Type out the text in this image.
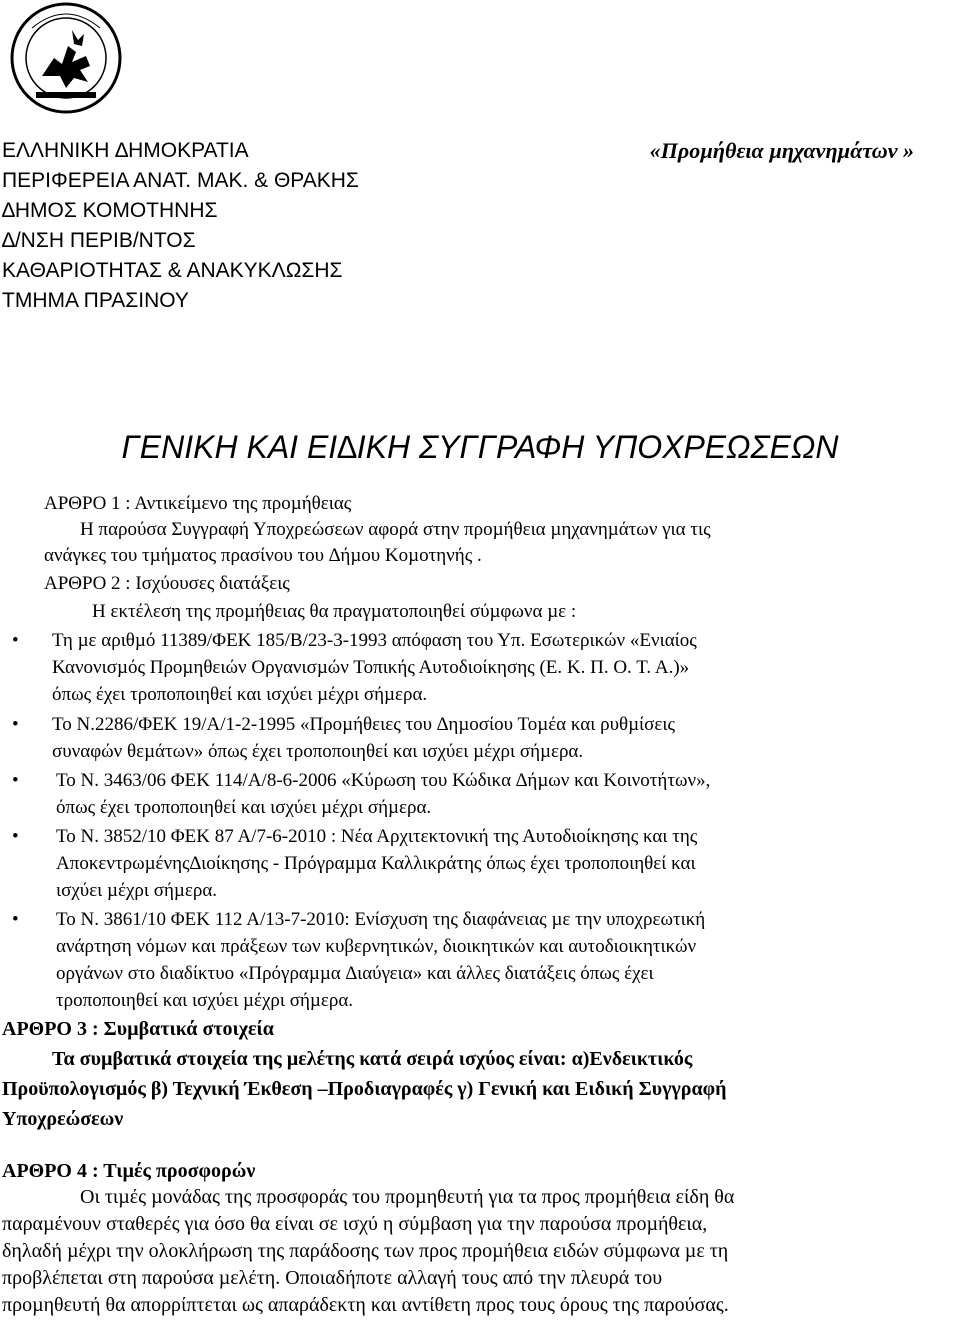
ΕΛΛΗΝΙΚΗ ∆ΗΜΟΚΡΑΤΙΑ
ΠΕΡΙΦΕΡΕΙΑ ΑΝΑΤ. ΜΑΚ. & ΘΡΑΚΗΣ
∆ΗΜΟΣ ΚΟΜΟΤΗΝΗΣ
∆/ΝΣΗ ΠΕΡΙΒ/ΝΤΟΣ
ΚΑΘΑΡΙΟΤΗΤΑΣ & ΑΝΑΚΥΚΛΩΣΗΣ
ΤΜΗΜΑ ΠΡΑΣΙΝΟΥ
«Προµήθεια µηχανηµάτων »
ΓΕΝΙΚΗ ΚΑΙ ΕΙ∆ΙΚΗ ΣΥΓΓΡΑΦΗ ΥΠΟΧΡΕΩΣΕΩΝ
ΑΡΘΡΟ 1 : Αντικείµενο της προµήθειας
Η παρούσα Συγγραφή Υποχρεώσεων αφορά στην προµήθεια µηχανηµάτων για τις
ανάγκες του τµήµατος πρασίνου του ∆ήµου Κοµοτηνής .
ΑΡΘΡΟ 2 : Ισχύουσες διατάξεις
Η εκτέλεση της προµήθειας θα πραγµατοποιηθεί σύµφωνα µε :
• Τη µε αριθµό 11389/ΦΕΚ 185/Β/23-3-1993 απόφαση του Υπ. Εσωτερικών «Ενιαίος
Κανονισµός Προµηθειών Οργανισµών Τοπικής Αυτοδιοίκησης (Ε. Κ. Π. Ο. Τ. Α.)»
όπως έχει τροποποιηθεί και ισχύει µέχρι σήµερα.
• Το Ν.2286/ΦΕΚ 19/Α/1-2-1995 «Προµήθειες του ∆ηµοσίου Τοµέα και ρυθµίσεις
συναφών θεµάτων» όπως έχει τροποποιηθεί και ισχύει µέχρι σήµερα.
• Το Ν. 3463/06 ΦΕΚ 114/Α/8-6-2006 «Κύρωση του Κώδικα ∆ήµων και Κοινοτήτων»,
όπως έχει τροποποιηθεί και ισχύει µέχρι σήµερα.
• Το Ν. 3852/10 ΦΕΚ 87 Α/7-6-2010 : Νέα Αρχιτεκτονική της Αυτοδιοίκησης και της
Αποκεντρωµένης∆ιοίκησης - Πρόγραµµα Καλλικράτης όπως έχει τροποποιηθεί και
ισχύει µέχρι σήµερα.
• Το Ν. 3861/10 ΦΕΚ 112 Α/13-7-2010: Ενίσχυση της διαφάνειας µε την υποχρεωτική
ανάρτηση νόµων και πράξεων των κυβερνητικών, διοικητικών και αυτοδιοικητικών
οργάνων στο διαδίκτυο «Πρόγραµµα ∆ιαύγεια» και άλλες διατάξεις όπως έχει
τροποποιηθεί και ισχύει µέχρι σήµερα.
ΑΡΘΡΟ 3 : Συµβατικά στοιχεία
Τα συµβατικά στοιχεία της µελέτης κατά σειρά ισχύος είναι: α)Ενδεικτικός
Προϋπολογισµός β) Τεχνική Έκθεση –Προδιαγραφές γ) Γενική και Ειδική Συγγραφή
Υποχρεώσεων
ΑΡΘΡΟ 4 : Τιµές προσφορών
Οι τιµές µονάδας της προσφοράς του προµηθευτή για τα προς προµήθεια είδη θα
παραµένουν σταθερές για όσο θα είναι σε ισχύ η σύµβαση για την παρούσα προµήθεια,
δηλαδή µέχρι την ολοκλήρωση της παράδοσης των προς προµήθεια ειδών σύµφωνα µε τη
προβλέπεται στη παρούσα µελέτη. Οποιαδήποτε αλλαγή τους από την πλευρά του
προµηθευτή θα απορρίπτεται ως απαράδεκτη και αντίθετη προς τους όρους της παρούσας.
